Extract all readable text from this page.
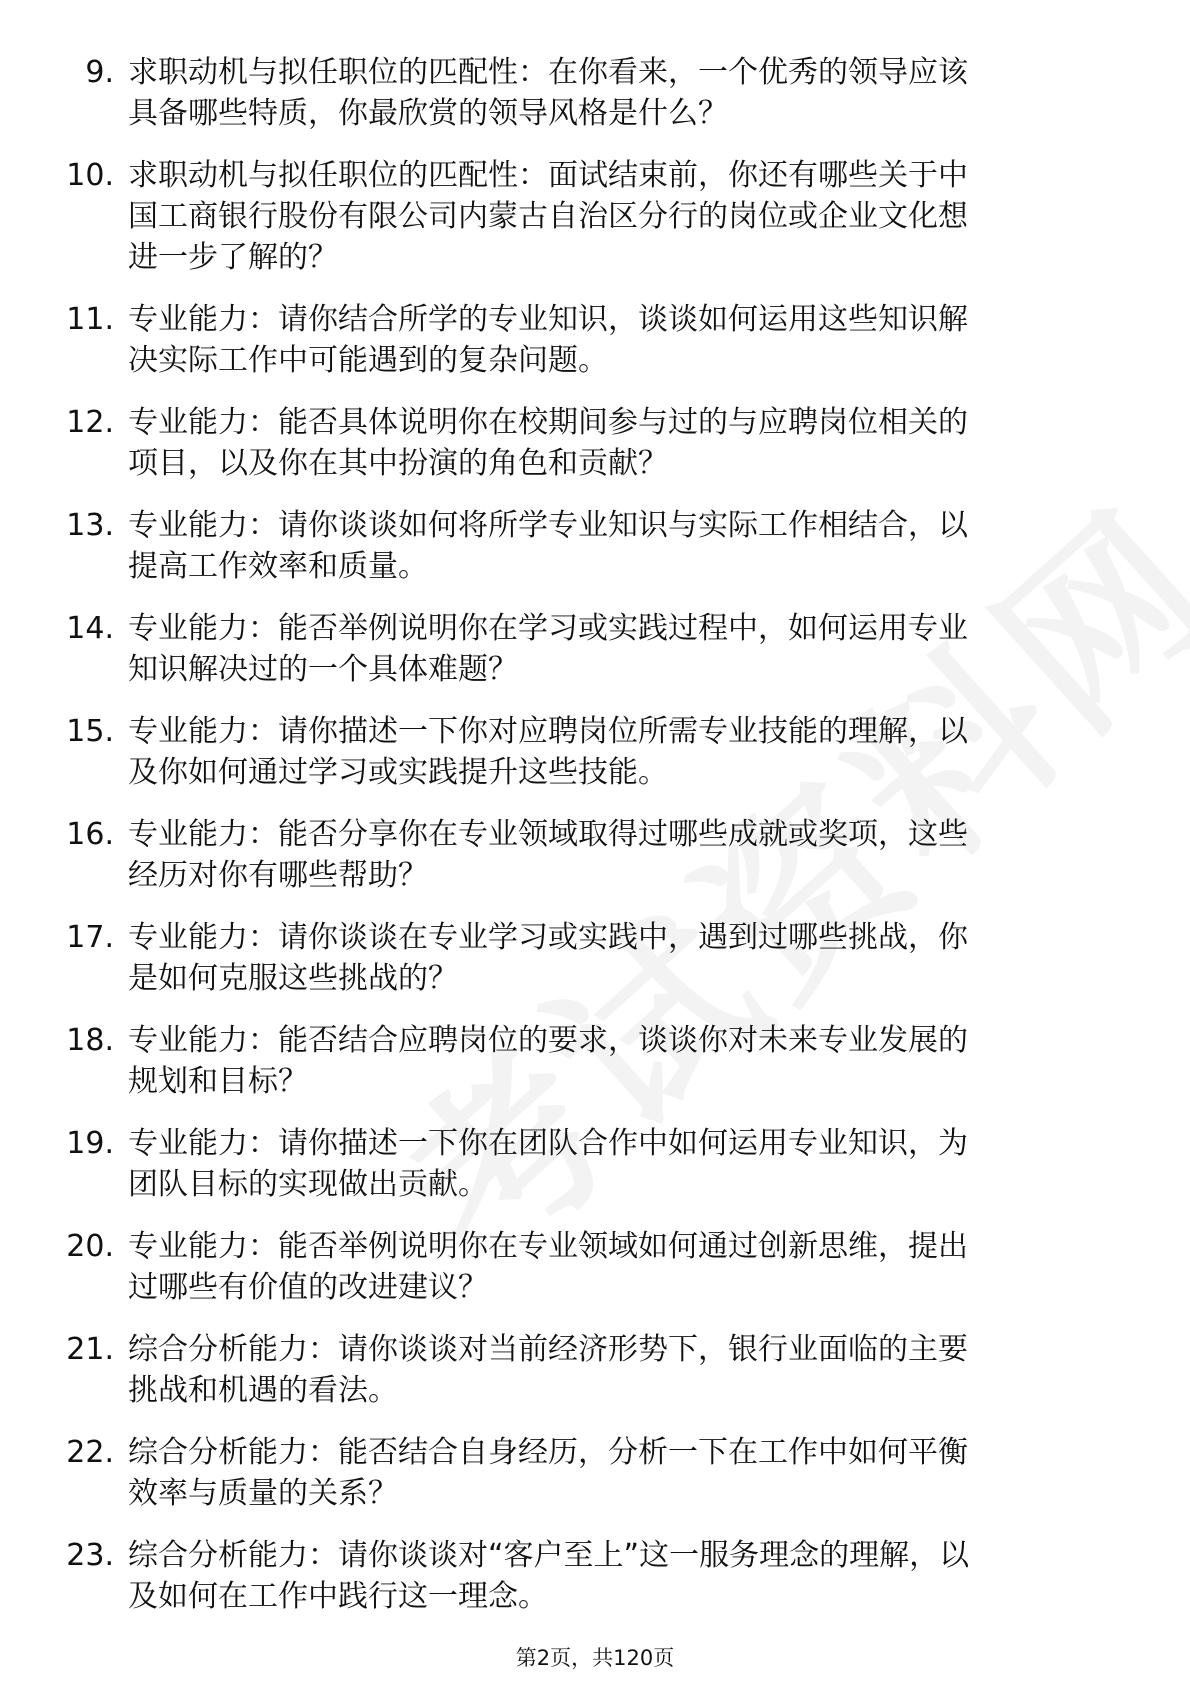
9. 求职动机与拟任职位的匹配性：在你看来，一个优秀的领导应该
具备哪些特质，你最欣赏的领导风格是什么？
10. 求职动机与拟任职位的匹配性：面试结束前，你还有哪些关于中
国工商银行股份有限公司内蒙古自治区分行的岗位或企业文化想
进一步了解的？
11. 专业能力：请你结合所学的专业知识，谈谈如何运用这些知识解
决实际工作中可能遇到的复杂问题。
12. 专业能力：能否具体说明你在校期间参与过的与应聘岗位相关的
项目，以及你在其中扮演的角色和贡献？
13. 专业能力：请你谈谈如何将所学专业知识与实际工作相结合，以
提高工作效率和质量。
14. 专业能力：能否举例说明你在学习或实践过程中，如何运用专业
知识解决过的一个具体难题？
15. 专业能力：请你描述一下你对应聘岗位所需专业技能的理解，以
及你如何通过学习或实践提升这些技能。
16. 专业能力：能否分享你在专业领域取得过哪些成就或奖项，这些
经历对你有哪些帮助？
17. 专业能力：请你谈谈在专业学习或实践中，遇到过哪些挑战，你
是如何克服这些挑战的？
18. 专业能力：能否结合应聘岗位的要求，谈谈你对未来专业发展的
规划和目标？
19. 专业能力：请你描述一下你在团队合作中如何运用专业知识，为
团队目标的实现做出贡献。
20. 专业能力：能否举例说明你在专业领域如何通过创新思维，提出
过哪些有价值的改进建议？
21. 综合分析能力：请你谈谈对当前经济形势下，银行业面临的主要
挑战和机遇的看法。
22. 综合分析能力：能否结合自身经历，分析一下在工作中如何平衡
效率与质量的关系？
23. 综合分析能力：请你谈谈对“客户至上”这一服务理念的理解，以
及如何在工作中践行这一理念。
第2页，共120页
